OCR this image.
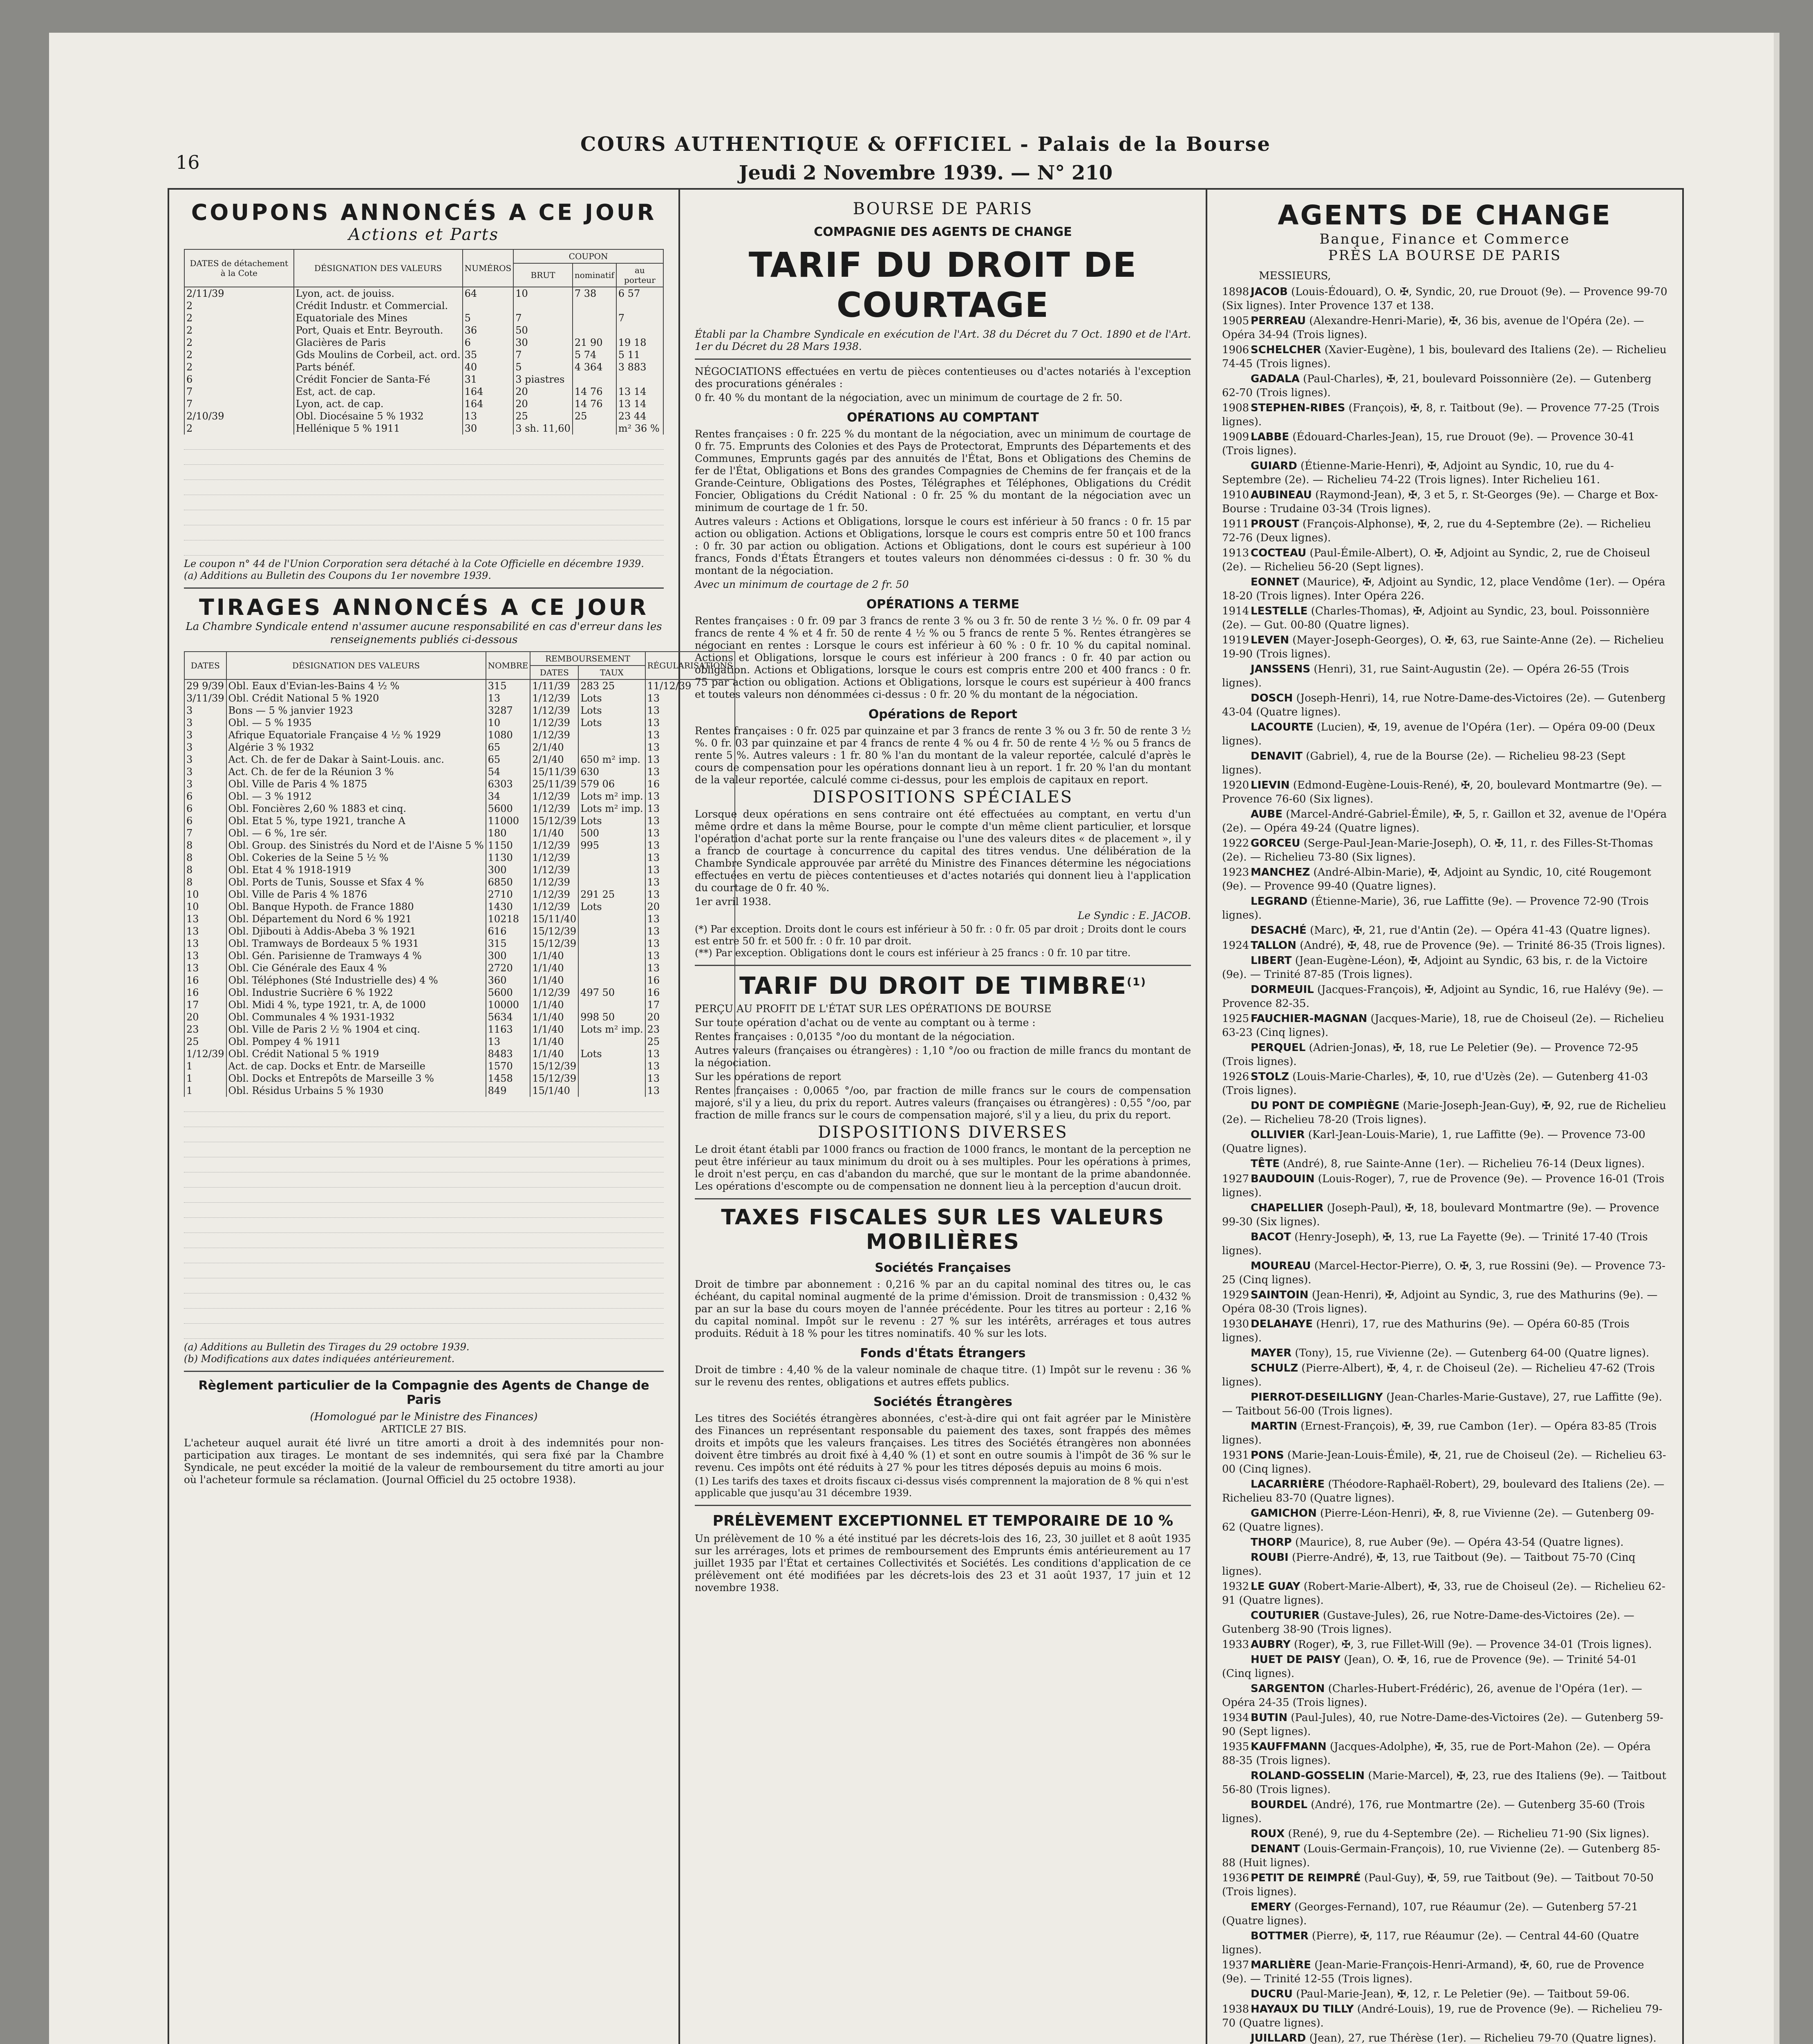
16
COURS AUTHENTIQUE & OFFICIEL - Palais de la Bourse
Jeudi 2 Novembre 1939. — N° 210
COUPONS ANNONCÉS A CE JOUR
Actions et Parts
DATES de détachement à la Cote	DÉSIGNATION DES VALEURS	NUMÉROS	COUPON		
			BRUT	nominatif	au porteur
2/11/39	Lyon, act. de jouiss.	64	10	7 38	6 57
2	Crédit Industr. et Commercial.				
2	Equatoriale des Mines	5	7		7
2	Port, Quais et Entr. Beyrouth.	36	50		
2	Glacières de Paris	6	30	21 90	19 18
2	Gds Moulins de Corbeil, act. ord.	35	7	5 74	5 11
2	Parts bénéf.	40	5	4 364	3 883
6	Crédit Foncier de Santa-Fé	31	3 piastres		
7	Est, act. de cap.	164	20	14 76	13 14
7	Lyon, act. de cap.	164	20	14 76	13 14
2/10/39	Obl. Diocésaine 5 % 1932	13	25	25	23 44
2	Hellénique 5 % 1911	30	3 sh. 11,60		m² 36 %
Le coupon n° 44 de l'Union Corporation sera détaché à la Cote Officielle en décembre 1939.
(a) Additions au Bulletin des Coupons du 1er novembre 1939.
TIRAGES ANNONCÉS A CE JOUR
La Chambre Syndicale entend n'assumer aucune responsabilité en cas d'erreur dans les renseignements publiés ci-dessous
DATES	DÉSIGNATION DES VALEURS	NOMBRE	REMBOURSEMENT		RÉGULARISATIONS
			DATES	TAUX	
29 9/39	Obl. Eaux d'Evian-les-Bains 4 ½ %	315	1/11/39	283 25	11/12/39
3/11/39	Obl. Crédit National 5 % 1920	13	1/12/39	Lots	13
3	Bons — 5 % janvier 1923	3287	1/12/39	Lots	13
3	Obl. — 5 % 1935	10	1/12/39	Lots	13
3	Afrique Equatoriale Française 4 ½ % 1929	1080	1/12/39		13
3	Algérie 3 % 1932	65	2/1/40		13
3	Act. Ch. de fer de Dakar à Saint-Louis. anc.	65	2/1/40	650 m² imp.	13
3	Act. Ch. de fer de la Réunion 3 %	54	15/11/39	630	13
3	Obl. Ville de Paris 4 % 1875	6303	25/11/39	579 06	16
6	Obl. — 3 % 1912	34	1/12/39	Lots m² imp.	13
6	Obl. Foncières 2,60 % 1883 et cinq.	5600	1/12/39	Lots m² imp.	13
6	Obl. Etat 5 %, type 1921, tranche A	11000	15/12/39	Lots	13
7	Obl. — 6 %, 1re sér.	180	1/1/40	500	13
8	Obl. Group. des Sinistrés du Nord et de l'Aisne 5 %	1150	1/12/39	995	13
8	Obl. Cokeries de la Seine 5 ½ %	1130	1/12/39		13
8	Obl. Etat 4 % 1918-1919	300	1/12/39		13
8	Obl. Ports de Tunis, Sousse et Sfax 4 %	6850	1/12/39		13
10	Obl. Ville de Paris 4 % 1876	2710	1/12/39	291 25	13
10	Obl. Banque Hypoth. de France 1880	1430	1/12/39	Lots	20
13	Obl. Département du Nord 6 % 1921	10218	15/11/40		13
13	Obl. Djibouti à Addis-Abeba 3 % 1921	616	15/12/39		13
13	Obl. Tramways de Bordeaux 5 % 1931	315	15/12/39		13
13	Obl. Gén. Parisienne de Tramways 4 %	300	1/1/40		13
13	Obl. Cie Générale des Eaux 4 %	2720	1/1/40		13
16	Obl. Téléphones (Sté Industrielle des) 4 %	360	1/1/40		16
16	Obl. Industrie Sucrière 6 % 1922	5600	1/12/39	497 50	16
17	Obl. Midi 4 %, type 1921, tr. A, de 1000	10000	1/1/40		17
20	Obl. Communales 4 % 1931-1932	5634	1/1/40	998 50	20
23	Obl. Ville de Paris 2 ½ % 1904 et cinq.	1163	1/1/40	Lots m² imp.	23
25	Obl. Pompey 4 % 1911	13	1/1/40		25
1/12/39	Obl. Crédit National 5 % 1919	8483	1/1/40	Lots	13
1	Act. de cap. Docks et Entr. de Marseille	1570	15/12/39		13
1	Obl. Docks et Entrepôts de Marseille 3 %	1458	15/12/39		13
1	Obl. Résidus Urbains 5 % 1930	849	15/1/40		13
(a) Additions au Bulletin des Tirages du 29 octobre 1939.
(b) Modifications aux dates indiquées antérieurement.
Règlement particulier de la Compagnie des Agents de Change de Paris
(Homologué par le Ministre des Finances)
ARTICLE 27 BIS.
L'acheteur auquel aurait été livré un titre amorti a droit à des indemnités pour non-participation aux tirages. Le montant de ses indemnités, qui sera fixé par la Chambre Syndicale, ne peut excéder la moitié de la valeur de remboursement du titre amorti au jour où l'acheteur formule sa réclamation. (Journal Officiel du 25 octobre 1938).
BOURSE DE PARIS
COMPAGNIE DES AGENTS DE CHANGE
TARIF DU DROIT DE COURTAGE
Établi par la Chambre Syndicale en exécution de l'Art. 38 du Décret du 7 Oct. 1890 et de l'Art. 1er du Décret du 28 Mars 1938.
NÉGOCIATIONS effectuées en vertu de pièces contentieuses ou d'actes notariés à l'exception des procurations générales :
0 fr. 40 % du montant de la négociation, avec un minimum de courtage de 2 fr. 50.
OPÉRATIONS AU COMPTANT
Rentes françaises : 0 fr. 225 % du montant de la négociation, avec un minimum de courtage de 0 fr. 75. Emprunts des Colonies et des Pays de Protectorat, Emprunts des Départements et des Communes, Emprunts gagés par des annuités de l'État, Bons et Obligations des Chemins de fer de l'État, Obligations et Bons des grandes Compagnies de Chemins de fer français et de la Grande-Ceinture, Obligations des Postes, Télégraphes et Téléphones, Obligations du Crédit Foncier, Obligations du Crédit National : 0 fr. 25 % du montant de la négociation avec un minimum de courtage de 1 fr. 50.
Autres valeurs : Actions et Obligations, lorsque le cours est inférieur à 50 francs : 0 fr. 15 par action ou obligation. Actions et Obligations, lorsque le cours est compris entre 50 et 100 francs : 0 fr. 30 par action ou obligation. Actions et Obligations, dont le cours est supérieur à 100 francs, Fonds d'États Étrangers et toutes valeurs non dénommées ci-dessus : 0 fr. 30 % du montant de la négociation.
Avec un minimum de courtage de 2 fr. 50
OPÉRATIONS A TERME
Rentes françaises : 0 fr. 09 par 3 francs de rente 3 % ou 3 fr. 50 de rente 3 ½ %. 0 fr. 09 par 4 francs de rente 4 % et 4 fr. 50 de rente 4 ½ % ou 5 francs de rente 5 %. Rentes étrangères se négociant en rentes : Lorsque le cours est inférieur à 60 % : 0 fr. 10 % du capital nominal. Actions et Obligations, lorsque le cours est inférieur à 200 francs : 0 fr. 40 par action ou obligation. Actions et Obligations, lorsque le cours est compris entre 200 et 400 francs : 0 fr. 75 par action ou obligation. Actions et Obligations, lorsque le cours est supérieur à 400 francs et toutes valeurs non dénommées ci-dessus : 0 fr. 20 % du montant de la négociation.
Opérations de Report
Rentes françaises : 0 fr. 025 par quinzaine et par 3 francs de rente 3 % ou 3 fr. 50 de rente 3 ½ %. 0 fr. 03 par quinzaine et par 4 francs de rente 4 % ou 4 fr. 50 de rente 4 ½ % ou 5 francs de rente 5 %. Autres valeurs : 1 fr. 80 % l'an du montant de la valeur reportée, calculé d'après le cours de compensation pour les opérations donnant lieu à un report. 1 fr. 20 % l'an du montant de la valeur reportée, calculé comme ci-dessus, pour les emplois de capitaux en report.
DISPOSITIONS SPÉCIALES
Lorsque deux opérations en sens contraire ont été effectuées au comptant, en vertu d'un même ordre et dans la même Bourse, pour le compte d'un même client particulier, et lorsque l'opération d'achat porte sur la rente française ou l'une des valeurs dites « de placement », il y a franco de courtage à concurrence du capital des titres vendus. Une délibération de la Chambre Syndicale approuvée par arrêté du Ministre des Finances détermine les négociations effectuées en vertu de pièces contentieuses et d'actes notariés qui donnent lieu à l'application du courtage de 0 fr. 40 %.
1er avril 1938.
Le Syndic : E. JACOB.
(*) Par exception. Droits dont le cours est inférieur à 50 fr. : 0 fr. 05 par droit ; Droits dont le cours est entre 50 fr. et 500 fr. : 0 fr. 10 par droit.
(**) Par exception. Obligations dont le cours est inférieur à 25 francs : 0 fr. 10 par titre.
TARIF DU DROIT DE TIMBRE$^{(1)}$
PERÇU AU PROFIT DE L'ÉTAT SUR LES OPÉRATIONS DE BOURSE
Sur toute opération d'achat ou de vente au comptant ou à terme :
Rentes françaises : 0,0135 °/oo du montant de la négociation.
Autres valeurs (françaises ou étrangères) : 1,10 °/oo ou fraction de mille francs du montant de la négociation.
Sur les opérations de report
Rentes françaises : 0,0065 °/oo, par fraction de mille francs sur le cours de compensation majoré, s'il y a lieu, du prix du report. Autres valeurs (françaises ou étrangères) : 0,55 °/oo, par fraction de mille francs sur le cours de compensation majoré, s'il y a lieu, du prix du report.
DISPOSITIONS DIVERSES
Le droit étant établi par 1000 francs ou fraction de 1000 francs, le montant de la perception ne peut être inférieur au taux minimum du droit ou à ses multiples. Pour les opérations à primes, le droit n'est perçu, en cas d'abandon du marché, que sur le montant de la prime abandonnée. Les opérations d'escompte ou de compensation ne donnent lieu à la perception d'aucun droit.
TAXES FISCALES SUR LES VALEURS MOBILIÈRES
Sociétés Françaises
Droit de timbre par abonnement : 0,216 % par an du capital nominal des titres ou, le cas échéant, du capital nominal augmenté de la prime d'émission. Droit de transmission : 0,432 % par an sur la base du cours moyen de l'année précédente. Pour les titres au porteur : 2,16 % du capital nominal. Impôt sur le revenu : 27 % sur les intérêts, arrérages et tous autres produits. Réduit à 18 % pour les titres nominatifs. 40 % sur les lots.
Fonds d'États Étrangers
Droit de timbre : 4,40 % de la valeur nominale de chaque titre. (1) Impôt sur le revenu : 36 % sur le revenu des rentes, obligations et autres effets publics.
Sociétés Étrangères
Les titres des Sociétés étrangères abonnées, c'est-à-dire qui ont fait agréer par le Ministère des Finances un représentant responsable du paiement des taxes, sont frappés des mêmes droits et impôts que les valeurs françaises. Les titres des Sociétés étrangères non abonnées doivent être timbrés au droit fixé à 4,40 % (1) et sont en outre soumis à l'impôt de 36 % sur le revenu. Ces impôts ont été réduits à 27 % pour les titres déposés depuis au moins 6 mois.
(1) Les tarifs des taxes et droits fiscaux ci-dessus visés comprennent la majoration de 8 % qui n'est applicable que jusqu'au 31 décembre 1939.
PRÉLÈVEMENT EXCEPTIONNEL ET TEMPORAIRE DE 10 %
Un prélèvement de 10 % a été institué par les décrets-lois des 16, 23, 30 juillet et 8 août 1935 sur les arrérages, lots et primes de remboursement des Emprunts émis antérieurement au 17 juillet 1935 par l'État et certaines Collectivités et Sociétés. Les conditions d'application de ce prélèvement ont été modifiées par les décrets-lois des 23 et 31 août 1937, 17 juin et 12 novembre 1938.
AGENTS DE CHANGE
Banque, Finance et Commerce
PRÈS LA BOURSE DE PARIS
MESSIEURS,
1898 JACOB (Louis-Édouard), O. ✠, Syndic, 20, rue Drouot (9e). — Provence 99-70 (Six lignes). Inter Provence 137 et 138.
1905 PERREAU (Alexandre-Henri-Marie), ✠, 36 bis, avenue de l'Opéra (2e). — Opéra 34-94 (Trois lignes).
1906 SCHELCHER (Xavier-Eugène), 1 bis, boulevard des Italiens (2e). — Richelieu 74-45 (Trois lignes).
GADALA (Paul-Charles), ✠, 21, boulevard Poissonnière (2e). — Gutenberg 62-70 (Trois lignes).
1908 STEPHEN-RIBES (François), ✠, 8, r. Taitbout (9e). — Provence 77-25 (Trois lignes).
1909 LABBE (Édouard-Charles-Jean), 15, rue Drouot (9e). — Provence 30-41 (Trois lignes).
GUIARD (Étienne-Marie-Henri), ✠, Adjoint au Syndic, 10, rue du 4-Septembre (2e). — Richelieu 74-22 (Trois lignes). Inter Richelieu 161.
1910 AUBINEAU (Raymond-Jean), ✠, 3 et 5, r. St-Georges (9e). — Charge et Box-Bourse : Trudaine 03-34 (Trois lignes).
1911 PROUST (François-Alphonse), ✠, 2, rue du 4-Septembre (2e). — Richelieu 72-76 (Deux lignes).
1913 COCTEAU (Paul-Émile-Albert), O. ✠, Adjoint au Syndic, 2, rue de Choiseul (2e). — Richelieu 56-20 (Sept lignes).
EONNET (Maurice), ✠, Adjoint au Syndic, 12, place Vendôme (1er). — Opéra 18-20 (Trois lignes). Inter Opéra 226.
1914 LESTELLE (Charles-Thomas), ✠, Adjoint au Syndic, 23, boul. Poissonnière (2e). — Gut. 00-80 (Quatre lignes).
1919 LEVEN (Mayer-Joseph-Georges), O. ✠, 63, rue Sainte-Anne (2e). — Richelieu 19-90 (Trois lignes).
JANSSENS (Henri), 31, rue Saint-Augustin (2e). — Opéra 26-55 (Trois lignes).
DOSCH (Joseph-Henri), 14, rue Notre-Dame-des-Victoires (2e). — Gutenberg 43-04 (Quatre lignes).
LACOURTE (Lucien), ✠, 19, avenue de l'Opéra (1er). — Opéra 09-00 (Deux lignes).
DENAVIT (Gabriel), 4, rue de la Bourse (2e). — Richelieu 98-23 (Sept lignes).
1920 LIEVIN (Edmond-Eugène-Louis-René), ✠, 20, boulevard Montmartre (9e). — Provence 76-60 (Six lignes).
AUBE (Marcel-André-Gabriel-Émile), ✠, 5, r. Gaillon et 32, avenue de l'Opéra (2e). — Opéra 49-24 (Quatre lignes).
1922 GORCEU (Serge-Paul-Jean-Marie-Joseph), O. ✠, 11, r. des Filles-St-Thomas (2e). — Richelieu 73-80 (Six lignes).
1923 MANCHEZ (André-Albin-Marie), ✠, Adjoint au Syndic, 10, cité Rougemont (9e). — Provence 99-40 (Quatre lignes).
LEGRAND (Étienne-Marie), 36, rue Laffitte (9e). — Provence 72-90 (Trois lignes).
DESACHÉ (Marc), ✠, 21, rue d'Antin (2e). — Opéra 41-43 (Quatre lignes).
1924 TALLON (André), ✠, 48, rue de Provence (9e). — Trinité 86-35 (Trois lignes).
LIBERT (Jean-Eugène-Léon), ✠, Adjoint au Syndic, 63 bis, r. de la Victoire (9e). — Trinité 87-85 (Trois lignes).
DORMEUIL (Jacques-François), ✠, Adjoint au Syndic, 16, rue Halévy (9e). — Provence 82-35.
1925 FAUCHIER-MAGNAN (Jacques-Marie), 18, rue de Choiseul (2e). — Richelieu 63-23 (Cinq lignes).
PERQUEL (Adrien-Jonas), ✠, 18, rue Le Peletier (9e). — Provence 72-95 (Trois lignes).
1926 STOLZ (Louis-Marie-Charles), ✠, 10, rue d'Uzès (2e). — Gutenberg 41-03 (Trois lignes).
DU PONT DE COMPIÈGNE (Marie-Joseph-Jean-Guy), ✠, 92, rue de Richelieu (2e). — Richelieu 78-20 (Trois lignes).
OLLIVIER (Karl-Jean-Louis-Marie), 1, rue Laffitte (9e). — Provence 73-00 (Quatre lignes).
TÊTE (André), 8, rue Sainte-Anne (1er). — Richelieu 76-14 (Deux lignes).
1927 BAUDOUIN (Louis-Roger), 7, rue de Provence (9e). — Provence 16-01 (Trois lignes).
CHAPELLIER (Joseph-Paul), ✠, 18, boulevard Montmartre (9e). — Provence 99-30 (Six lignes).
BACOT (Henry-Joseph), ✠, 13, rue La Fayette (9e). — Trinité 17-40 (Trois lignes).
MOUREAU (Marcel-Hector-Pierre), O. ✠, 3, rue Rossini (9e). — Provence 73-25 (Cinq lignes).
1929 SAINTOIN (Jean-Henri), ✠, Adjoint au Syndic, 3, rue des Mathurins (9e). — Opéra 08-30 (Trois lignes).
1930 DELAHAYE (Henri), 17, rue des Mathurins (9e). — Opéra 60-85 (Trois lignes).
MAYER (Tony), 15, rue Vivienne (2e). — Gutenberg 64-00 (Quatre lignes).
SCHULZ (Pierre-Albert), ✠, 4, r. de Choiseul (2e). — Richelieu 47-62 (Trois lignes).
PIERROT-DESEILLIGNY (Jean-Charles-Marie-Gustave), 27, rue Laffitte (9e). — Taitbout 56-00 (Trois lignes).
MARTIN (Ernest-François), ✠, 39, rue Cambon (1er). — Opéra 83-85 (Trois lignes).
1931 PONS (Marie-Jean-Louis-Émile), ✠, 21, rue de Choiseul (2e). — Richelieu 63-00 (Cinq lignes).
LACARRIÈRE (Théodore-Raphaël-Robert), 29, boulevard des Italiens (2e). — Richelieu 83-70 (Quatre lignes).
GAMICHON (Pierre-Léon-Henri), ✠, 8, rue Vivienne (2e). — Gutenberg 09-62 (Quatre lignes).
THORP (Maurice), 8, rue Auber (9e). — Opéra 43-54 (Quatre lignes).
ROUBI (Pierre-André), ✠, 13, rue Taitbout (9e). — Taitbout 75-70 (Cinq lignes).
1932 LE GUAY (Robert-Marie-Albert), ✠, 33, rue de Choiseul (2e). — Richelieu 62-91 (Quatre lignes).
COUTURIER (Gustave-Jules), 26, rue Notre-Dame-des-Victoires (2e). — Gutenberg 38-90 (Trois lignes).
1933 AUBRY (Roger), ✠, 3, rue Fillet-Will (9e). — Provence 34-01 (Trois lignes).
HUET DE PAISY (Jean), O. ✠, 16, rue de Provence (9e). — Trinité 54-01 (Cinq lignes).
SARGENTON (Charles-Hubert-Frédéric), 26, avenue de l'Opéra (1er). — Opéra 24-35 (Trois lignes).
1934 BUTIN (Paul-Jules), 40, rue Notre-Dame-des-Victoires (2e). — Gutenberg 59-90 (Sept lignes).
1935 KAUFFMANN (Jacques-Adolphe), ✠, 35, rue de Port-Mahon (2e). — Opéra 88-35 (Trois lignes).
ROLAND-GOSSELIN (Marie-Marcel), ✠, 23, rue des Italiens (9e). — Taitbout 56-80 (Trois lignes).
BOURDEL (André), 176, rue Montmartre (2e). — Gutenberg 35-60 (Trois lignes).
ROUX (René), 9, rue du 4-Septembre (2e). — Richelieu 71-90 (Six lignes).
DENANT (Louis-Germain-François), 10, rue Vivienne (2e). — Gutenberg 85-88 (Huit lignes).
1936 PETIT DE REIMPRÉ (Paul-Guy), ✠, 59, rue Taitbout (9e). — Taitbout 70-50 (Trois lignes).
EMERY (Georges-Fernand), 107, rue Réaumur (2e). — Gutenberg 57-21 (Quatre lignes).
BOTTMER (Pierre), ✠, 117, rue Réaumur (2e). — Central 44-60 (Quatre lignes).
1937 MARLIÈRE (Jean-Marie-François-Henri-Armand), ✠, 60, rue de Provence (9e). — Trinité 12-55 (Trois lignes).
DUCRU (Paul-Marie-Jean), ✠, 12, r. Le Peletier (9e). — Taitbout 59-06.
1938 HAYAUX DU TILLY (André-Louis), 19, rue de Provence (9e). — Richelieu 79-70 (Quatre lignes).
JUILLARD (Jean), 27, rue Thérèse (1er). — Richelieu 79-70 (Quatre lignes).
